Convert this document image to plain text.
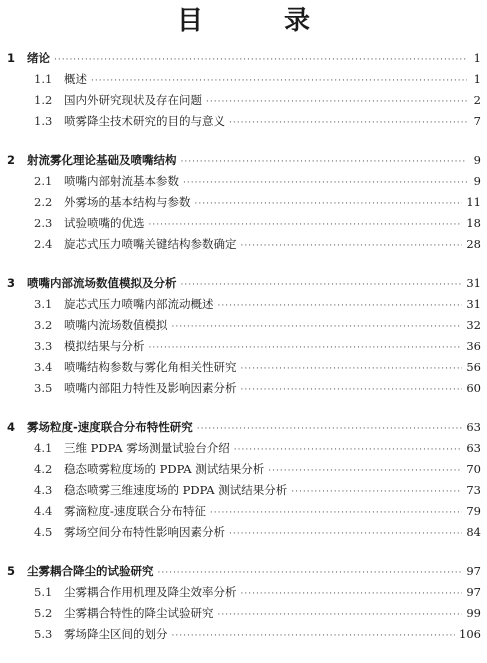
目 录
1	绪论 ·····	1
1.1	概述 ·····	1
1.2	国内外研究现状及存在问题 ·····	2
1.3	喷雾降尘技术研究的目的与意义 ·····	7
2	射流雾化理论基础及喷嘴结构 ·····	9
2.1	喷嘴内部射流基本参数 ·····	9
2.2	外雾场的基本结构与参数 ·····	11
2.3	试验喷嘴的优选 ·····	18
2.4	旋芯式压力喷嘴关键结构参数确定 ·····	28
3	喷嘴内部流场数值模拟及分析 ·····	31
3.1	旋芯式压力喷嘴内部流动概述 ·····	31
3.2	喷嘴内流场数值模拟 ·····	32
3.3	模拟结果与分析 ·····	36
3.4	喷嘴结构参数与雾化角相关性研究 ·····	56
3.5	喷嘴内部阻力特性及影响因素分析 ·····	60
4	雾场粒度-速度联合分布特性研究 ·····	63
4.1	三维 PDPA 雾场测量试验台介绍 ·····	63
4.2	稳态喷雾粒度场的 PDPA 测试结果分析 ·····	70
4.3	稳态喷雾三维速度场的 PDPA 测试结果分析 ·····	73
4.4	雾滴粒度-速度联合分布特征 ·····	79
4.5	雾场空间分布特性影响因素分析 ·····	84
5	尘雾耦合降尘的试验研究 ·····	97
5.1	尘雾耦合作用机理及降尘效率分析 ·····	97
5.2	尘雾耦合特性的降尘试验研究 ·····	99
5.3	雾场降尘区间的划分 ·····	106
